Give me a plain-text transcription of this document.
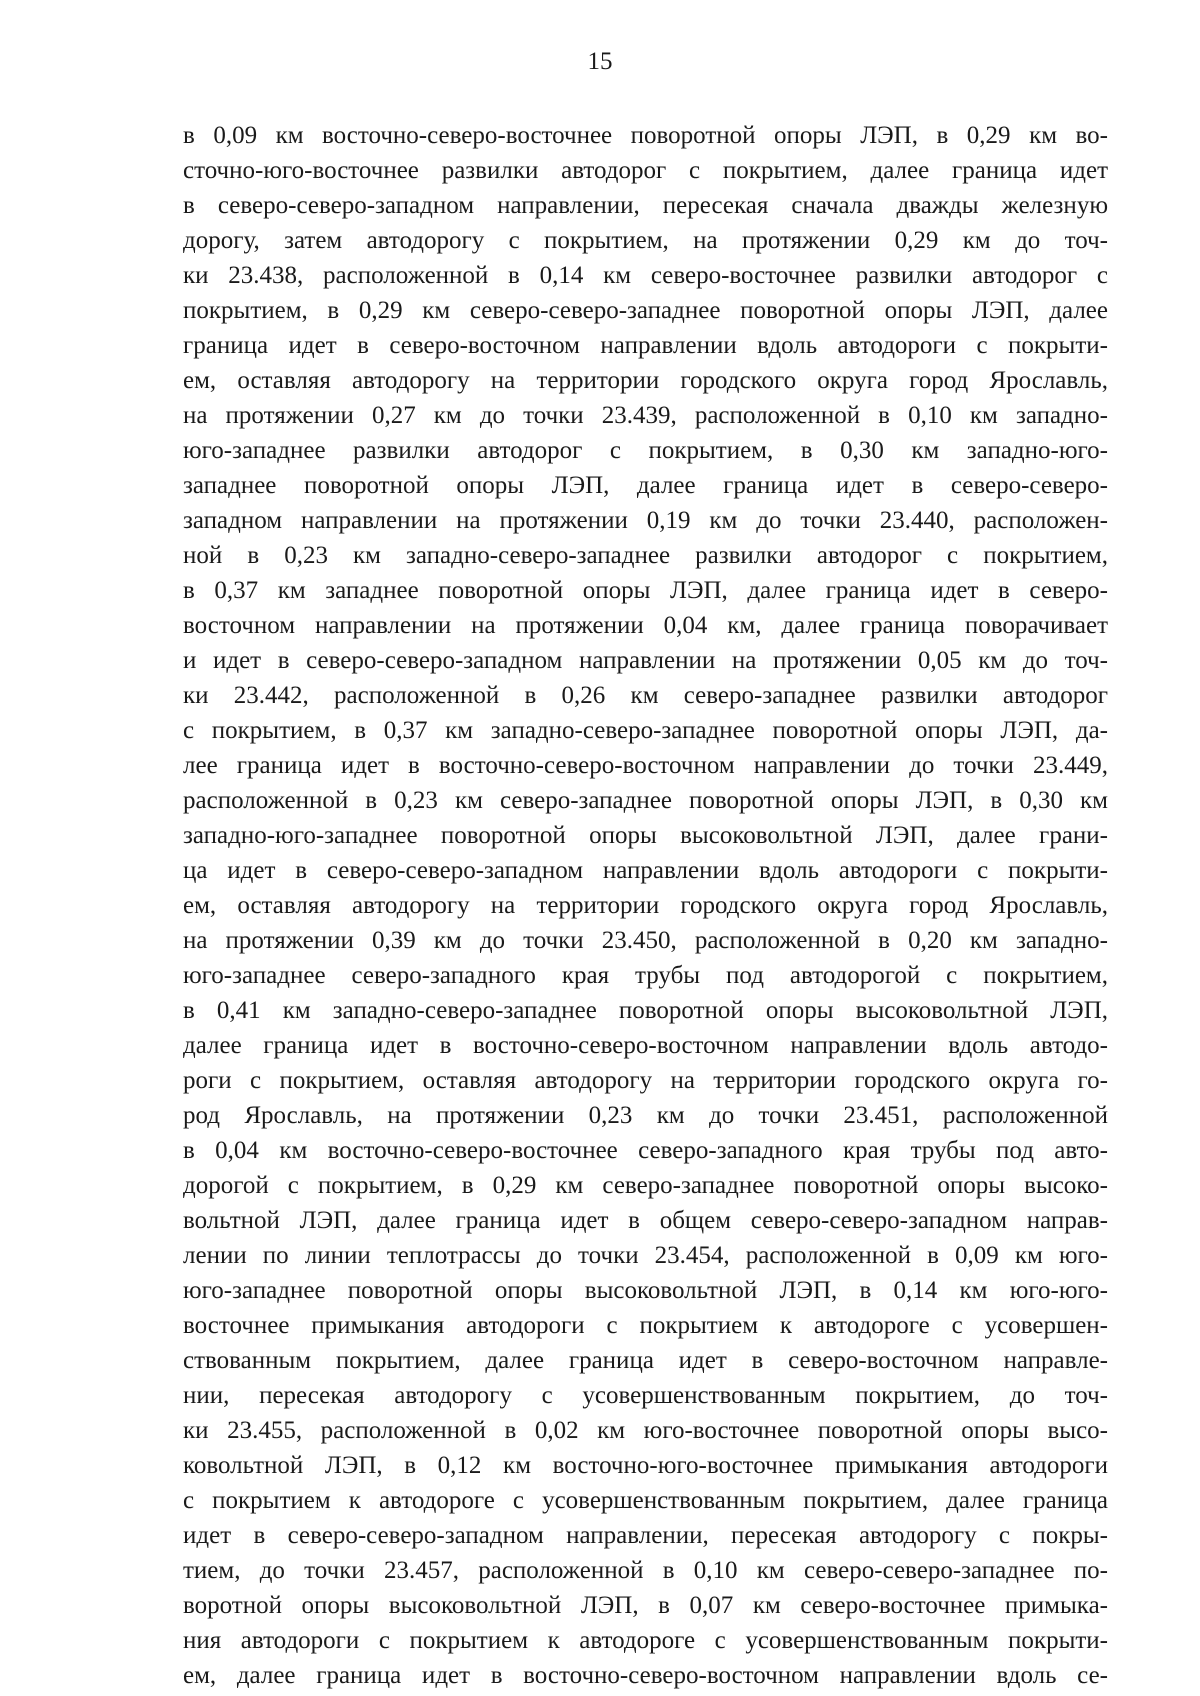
15
в 0,09 км восточно-северо-восточнее поворотной опоры ЛЭП, в 0,29 км во-
сточно-юго-восточнее развилки автодорог с покрытием, далее граница идет
в северо-северо-западном направлении, пересекая сначала дважды железную
дорогу, затем автодорогу с покрытием, на протяжении 0,29 км до точ-
ки 23.438, расположенной в 0,14 км северо-восточнее развилки автодорог с
покрытием, в 0,29 км северо-северо-западнее поворотной опоры ЛЭП, далее
граница идет в северо-восточном направлении вдоль автодороги с покрыти-
ем, оставляя автодорогу на территории городского округа город Ярославль,
на протяжении 0,27 км до точки 23.439, расположенной в 0,10 км западно-
юго-западнее развилки автодорог с покрытием, в 0,30 км западно-юго-
западнее поворотной опоры ЛЭП, далее граница идет в северо-северо-
западном направлении на протяжении 0,19 км до точки 23.440, расположен-
ной в 0,23 км западно-северо-западнее развилки автодорог с покрытием,
в 0,37 км западнее поворотной опоры ЛЭП, далее граница идет в северо-
восточном направлении на протяжении 0,04 км, далее граница поворачивает
и идет в северо-северо-западном направлении на протяжении 0,05 км до точ-
ки 23.442, расположенной в 0,26 км северо-западнее развилки автодорог
с покрытием, в 0,37 км западно-северо-западнее поворотной опоры ЛЭП, да-
лее граница идет в восточно-северо-восточном направлении до точки 23.449,
расположенной в 0,23 км северо-западнее поворотной опоры ЛЭП, в 0,30 км
западно-юго-западнее поворотной опоры высоковольтной ЛЭП, далее грани-
ца идет в северо-северо-западном направлении вдоль автодороги с покрыти-
ем, оставляя автодорогу на территории городского округа город Ярославль,
на протяжении 0,39 км до точки 23.450, расположенной в 0,20 км западно-
юго-западнее северо-западного края трубы под автодорогой с покрытием,
в 0,41 км западно-северо-западнее поворотной опоры высоковольтной ЛЭП,
далее граница идет в восточно-северо-восточном направлении вдоль автодо-
роги с покрытием, оставляя автодорогу на территории городского округа го-
род Ярославль, на протяжении 0,23 км до точки 23.451, расположенной
в 0,04 км восточно-северо-восточнее северо-западного края трубы под авто-
дорогой с покрытием, в 0,29 км северо-западнее поворотной опоры высоко-
вольтной ЛЭП, далее граница идет в общем северо-северо-западном направ-
лении по линии теплотрассы до точки 23.454, расположенной в 0,09 км юго-
юго-западнее поворотной опоры высоковольтной ЛЭП, в 0,14 км юго-юго-
восточнее примыкания автодороги с покрытием к автодороге с усовершен-
ствованным покрытием, далее граница идет в северо-восточном направле-
нии, пересекая автодорогу с усовершенствованным покрытием, до точ-
ки 23.455, расположенной в 0,02 км юго-восточнее поворотной опоры высо-
ковольтной ЛЭП, в 0,12 км восточно-юго-восточнее примыкания автодороги
с покрытием к автодороге с усовершенствованным покрытием, далее граница
идет в северо-северо-западном направлении, пересекая автодорогу с покры-
тием, до точки 23.457, расположенной в 0,10 км северо-северо-западнее по-
воротной опоры высоковольтной ЛЭП, в 0,07 км северо-восточнее примыка-
ния автодороги с покрытием к автодороге с усовершенствованным покрыти-
ем, далее граница идет в восточно-северо-восточном направлении вдоль се-
